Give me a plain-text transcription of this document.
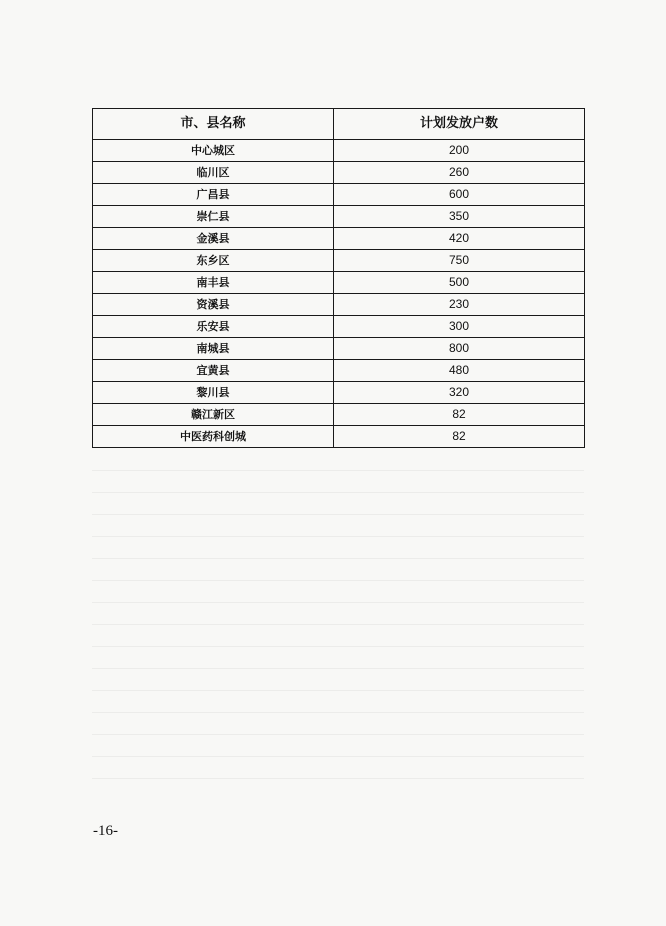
市、县名称	计划发放户数
中心城区	200
临川区	260
广昌县	600
崇仁县	350
金溪县	420
东乡区	750
南丰县	500
资溪县	230
乐安县	300
南城县	800
宜黄县	480
黎川县	320
赣江新区	82
中医药科创城	82
-16-
